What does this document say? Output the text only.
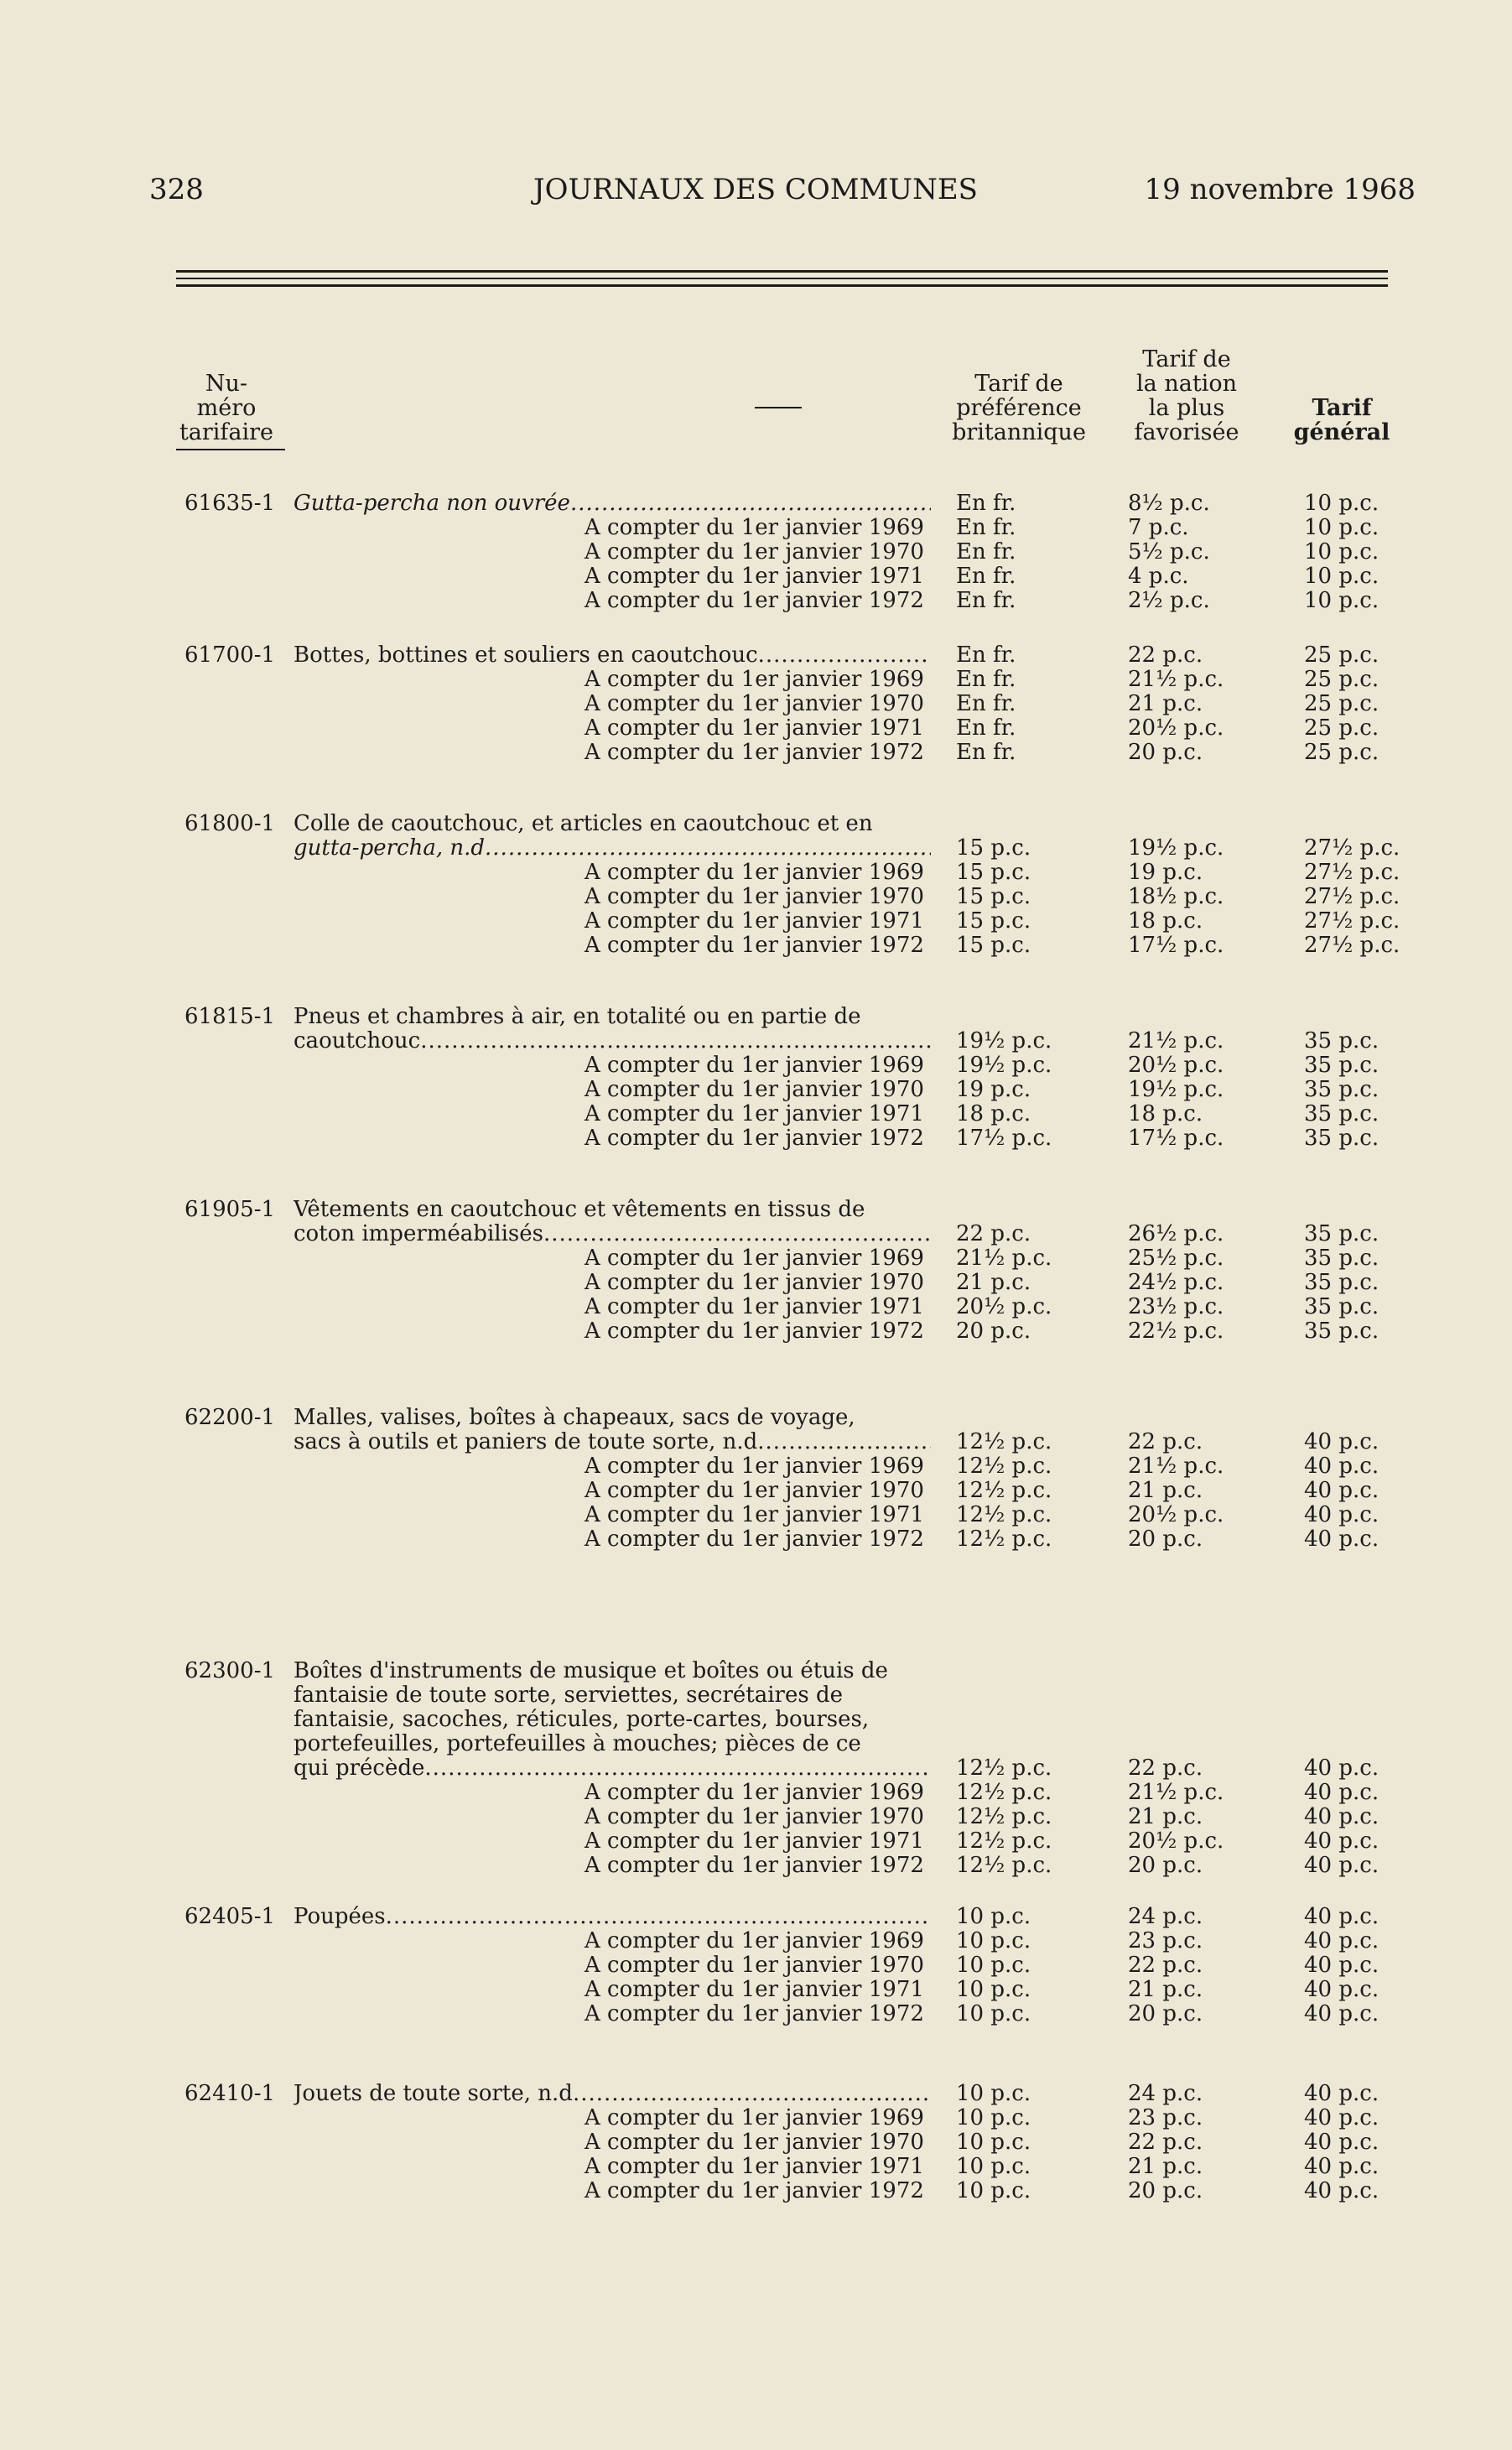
328	JOURNAUX DES COMMUNES	19 novembre 1968
Nu-
méro
tarifaire
Tarif de
préférence
britannique
Tarif de
la nation
la plus
favorisée
Tarif
général
61635-1 Gutta-percha non ouvrée .....	En fr.	8½ p.c.	10 p.c.
A compter du 1er janvier 1969 En fr.	7 p.c.	10 p.c.
A compter du 1er janvier 1970 En fr.	5½ p.c.	10 p.c.
A compter du 1er janvier 1971 En fr.	4 p.c.	10 p.c.
A compter du 1er janvier 1972 En fr.	2½ p.c.	10 p.c.
61700-1 Bottes, bottines et souliers en caoutchouc .....	En fr.	22 p.c.	25 p.c.
A compter du 1er janvier 1969 En fr.	21½ p.c.	25 p.c.
A compter du 1er janvier 1970 En fr.	21 p.c.	25 p.c.
A compter du 1er janvier 1971 En fr.	20½ p.c.	25 p.c.
A compter du 1er janvier 1972 En fr.	20 p.c.	25 p.c.
61800-1 Colle de caoutchouc, et articles en caoutchouc et en
gutta-percha, n.d .....	15 p.c.	19½ p.c.	27½ p.c.
A compter du 1er janvier 1969 15 p.c.	19 p.c.	27½ p.c.
A compter du 1er janvier 1970 15 p.c.	18½ p.c.	27½ p.c.
A compter du 1er janvier 1971 15 p.c.	18 p.c.	27½ p.c.
A compter du 1er janvier 1972 15 p.c.	17½ p.c.	27½ p.c.
61815-1 Pneus et chambres à air, en totalité ou en partie de
caoutchouc .....	19½ p.c.	21½ p.c.	35 p.c.
A compter du 1er janvier 1969 19½ p.c.	20½ p.c.	35 p.c.
A compter du 1er janvier 1970 19 p.c.	19½ p.c.	35 p.c.
A compter du 1er janvier 1971 18 p.c.	18 p.c.	35 p.c.
A compter du 1er janvier 1972 17½ p.c.	17½ p.c.	35 p.c.
61905-1 Vêtements en caoutchouc et vêtements en tissus de
coton imperméabilisés .....	22 p.c.	26½ p.c.	35 p.c.
A compter du 1er janvier 1969 21½ p.c.	25½ p.c.	35 p.c.
A compter du 1er janvier 1970 21 p.c.	24½ p.c.	35 p.c.
A compter du 1er janvier 1971 20½ p.c.	23½ p.c.	35 p.c.
A compter du 1er janvier 1972 20 p.c.	22½ p.c.	35 p.c.
62200-1 Malles, valises, boîtes à chapeaux, sacs de voyage,
sacs à outils et paniers de toute sorte, n.d .....	12½ p.c.	22 p.c.	40 p.c.
A compter du 1er janvier 1969 12½ p.c.	21½ p.c.	40 p.c.
A compter du 1er janvier 1970 12½ p.c.	21 p.c.	40 p.c.
A compter du 1er janvier 1971 12½ p.c.	20½ p.c.	40 p.c.
A compter du 1er janvier 1972 12½ p.c.	20 p.c.	40 p.c.
62300-1 Boîtes d'instruments de musique et boîtes ou étuis de
fantaisie de toute sorte, serviettes, secrétaires de
fantaisie, sacoches, réticules, porte-cartes, bourses,
portefeuilles, portefeuilles à mouches; pièces de ce
qui précède .....	12½ p.c.	22 p.c.	40 p.c.
A compter du 1er janvier 1969 12½ p.c.	21½ p.c.	40 p.c.
A compter du 1er janvier 1970 12½ p.c.	21 p.c.	40 p.c.
A compter du 1er janvier 1971 12½ p.c.	20½ p.c.	40 p.c.
A compter du 1er janvier 1972 12½ p.c.	20 p.c.	40 p.c.
62405-1 Poupées .....	10 p.c.	24 p.c.	40 p.c.
A compter du 1er janvier 1969 10 p.c.	23 p.c.	40 p.c.
A compter du 1er janvier 1970 10 p.c.	22 p.c.	40 p.c.
A compter du 1er janvier 1971 10 p.c.	21 p.c.	40 p.c.
A compter du 1er janvier 1972 10 p.c.	20 p.c.	40 p.c.
62410-1 Jouets de toute sorte, n.d .....	10 p.c.	24 p.c.	40 p.c.
A compter du 1er janvier 1969 10 p.c.	23 p.c.	40 p.c.
A compter du 1er janvier 1970 10 p.c.	22 p.c.	40 p.c.
A compter du 1er janvier 1971 10 p.c.	21 p.c.	40 p.c.
A compter du 1er janvier 1972 10 p.c.	20 p.c.	40 p.c.
